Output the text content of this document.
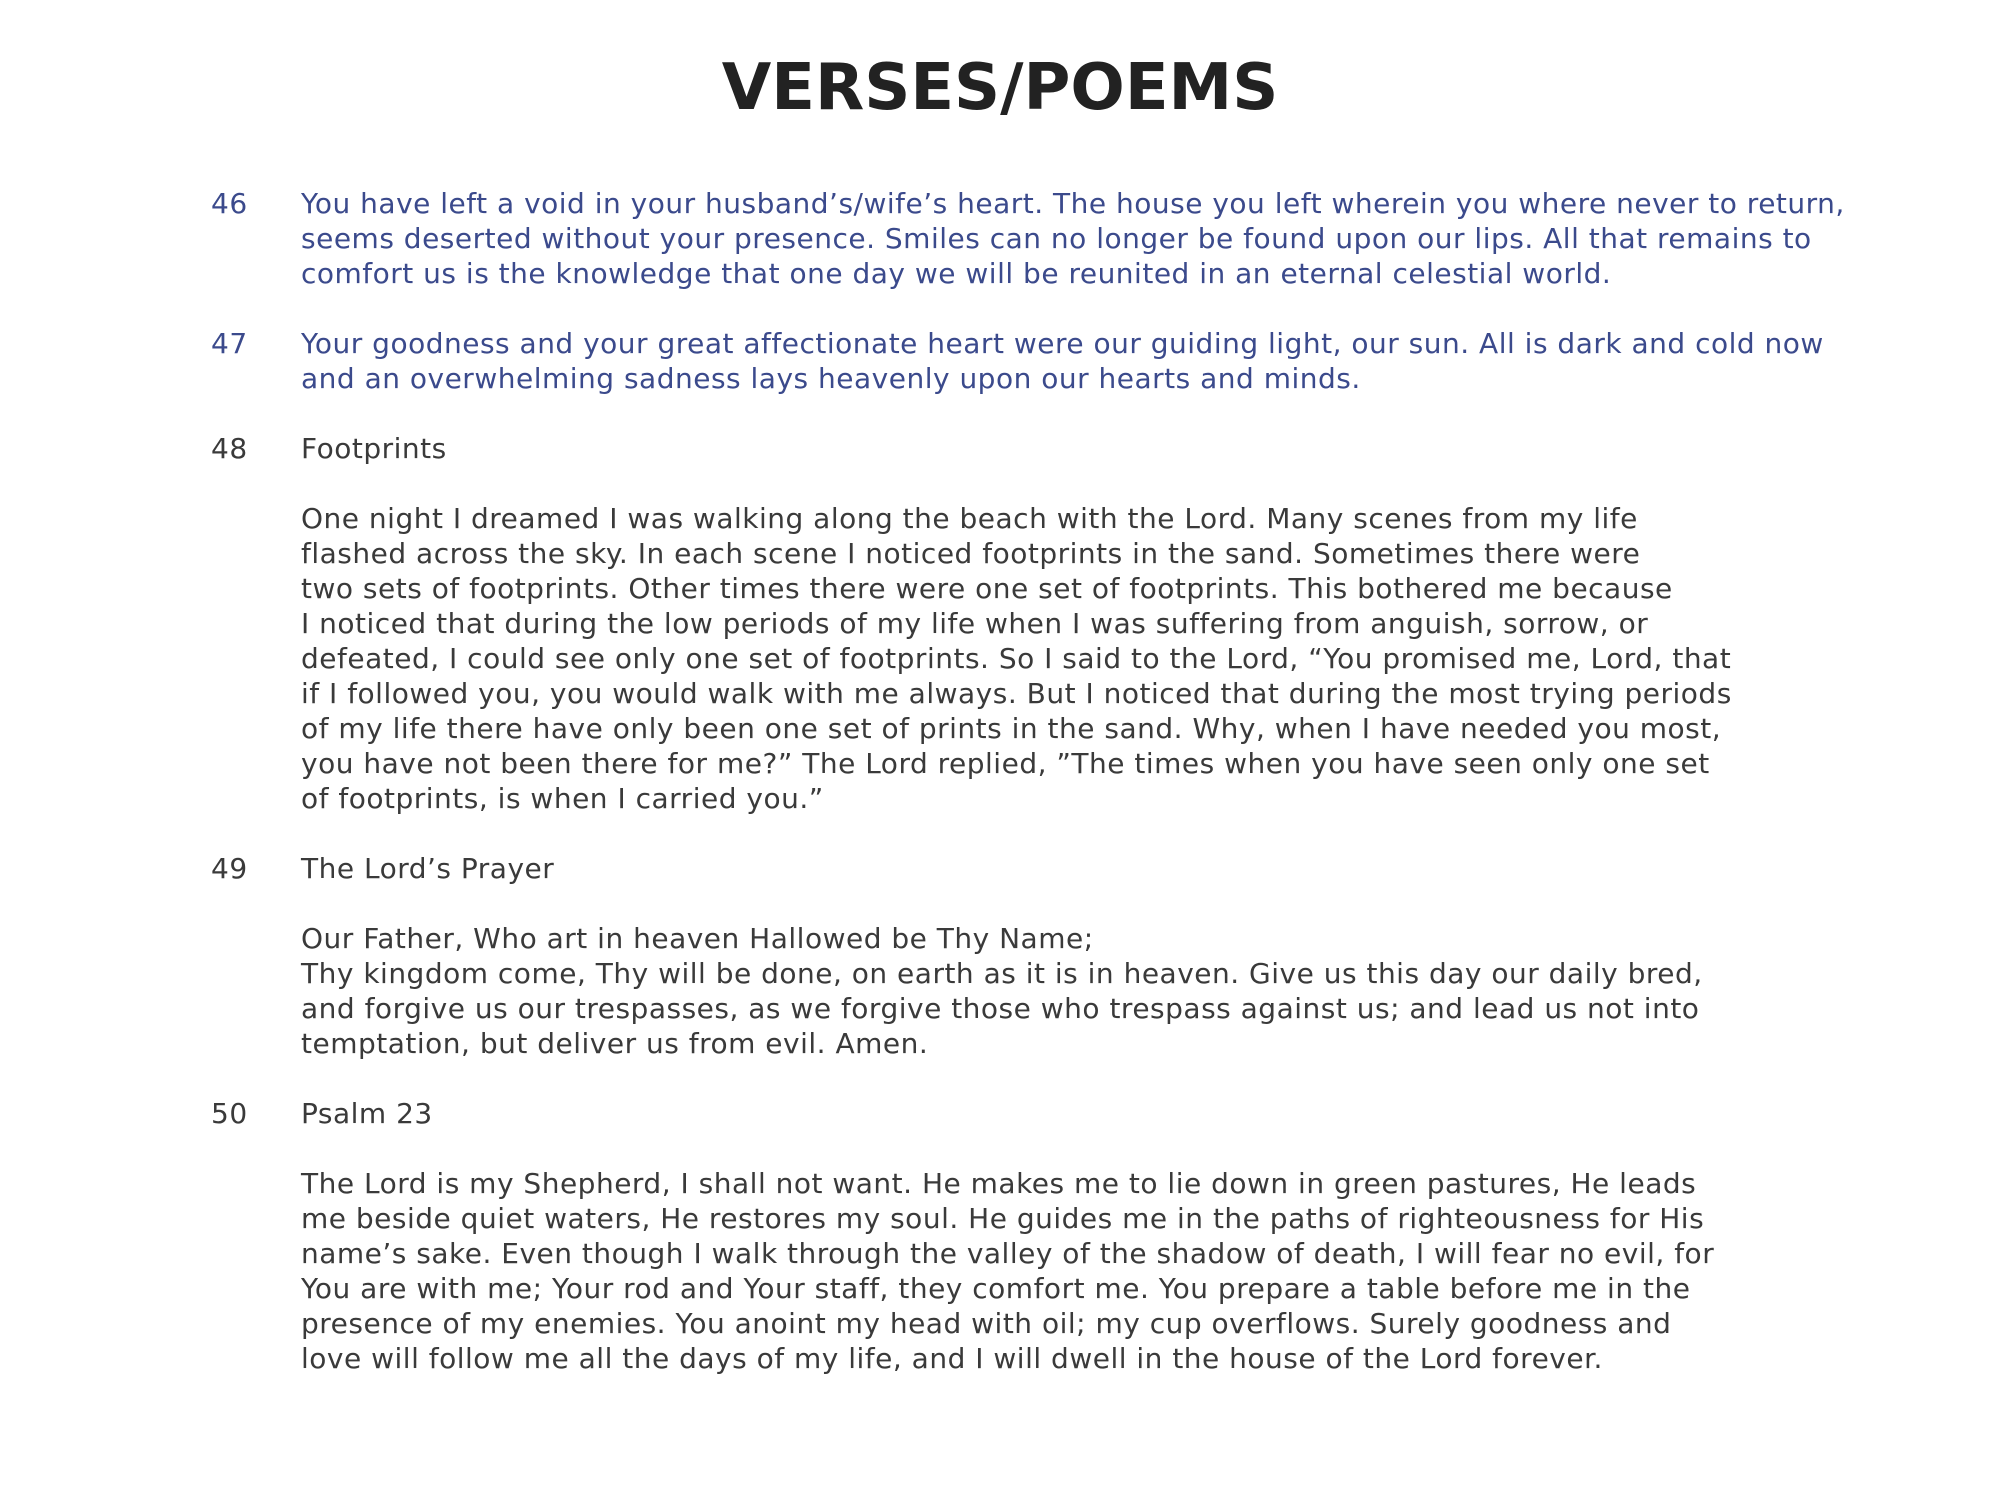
VERSES/POEMS
46 You have left a void in your husband’s/wife’s heart. The house you left wherein you where never to return,

seems deserted without your presence. Smiles can no longer be found upon our lips. All that remains to

comfort us is the knowledge that one day we will be reunited in an eternal celestial world.

47 Your goodness and your great affectionate heart were our guiding light, our sun. All is dark and cold now

and an overwhelming sadness lays heavenly upon our hearts and minds.

48 Footprints

One night I dreamed I was walking along the beach with the Lord. Many scenes from my life

flashed across the sky. In each scene I noticed footprints in the sand. Sometimes there were

two sets of footprints. Other times there were one set of footprints. This bothered me because

I noticed that during the low periods of my life when I was suffering from anguish, sorrow, or

defeated, I could see only one set of footprints. So I said to the Lord, “You promised me, Lord, that

if I followed you, you would walk with me always. But I noticed that during the most trying periods

of my life there have only been one set of prints in the sand. Why, when I have needed you most,

you have not been there for me?” The Lord replied, ”The times when you have seen only one set

of footprints, is when I carried you.”

49 The Lord’s Prayer

Our Father, Who art in heaven Hallowed be Thy Name;

Thy kingdom come, Thy will be done, on earth as it is in heaven. Give us this day our daily bred,

and forgive us our trespasses, as we forgive those who trespass against us; and lead us not into

temptation, but deliver us from evil. Amen.

50 Psalm 23

The Lord is my Shepherd, I shall not want. He makes me to lie down in green pastures, He leads

me beside quiet waters, He restores my soul. He guides me in the paths of righteousness for His

name’s sake. Even though I walk through the valley of the shadow of death, I will fear no evil, for

You are with me; Your rod and Your staff, they comfort me. You prepare a table before me in the

presence of my enemies. You anoint my head with oil; my cup overflows. Surely goodness and

love will follow me all the days of my life, and I will dwell in the house of the Lord forever.
